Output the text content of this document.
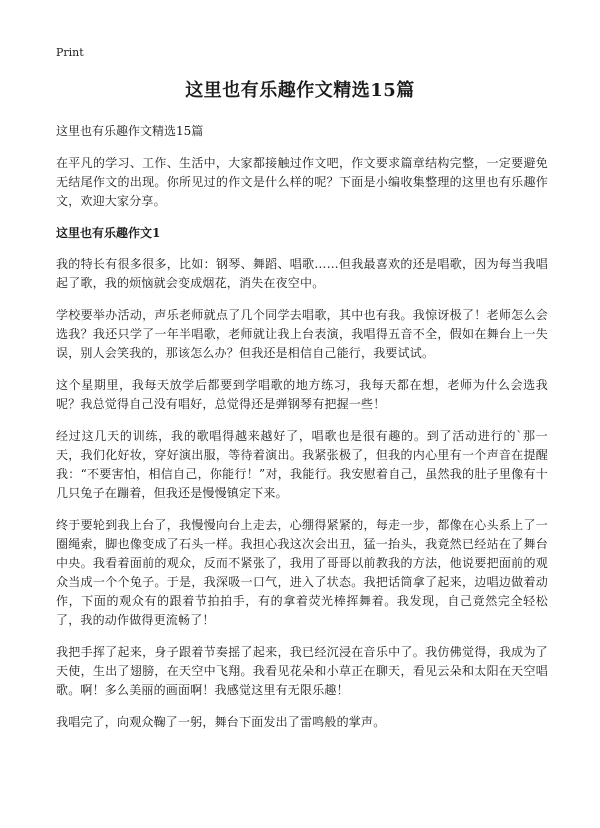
Print
这里也有乐趣作文精选15篇

这里也有乐趣作文精选15篇

在平凡的学习、工作、生活中，大家都接触过作文吧，作文要求篇章结构完整，一定要避免无结尾作文的出现。你所见过的作文是什么样的呢？下面是小编收集整理的这里也有乐趣作文，欢迎大家分享。

这里也有乐趣作文1

我的特长有很多很多，比如：钢琴、舞蹈、唱歌……但我最喜欢的还是唱歌，因为每当我唱起了歌，我的烦恼就会变成烟花，消失在夜空中。

学校要举办活动，声乐老师就点了几个同学去唱歌，其中也有我。我惊讶极了！老师怎么会选我？我还只学了一年半唱歌，老师就让我上台表演，我唱得五音不全，假如在舞台上一失误，别人会笑我的，那该怎么办？但我还是相信自己能行，我要试试。

这个星期里，我每天放学后都要到学唱歌的地方练习，我每天都在想，老师为什么会选我呢？我总觉得自己没有唱好，总觉得还是弹钢琴有把握一些！

经过这几天的训练，我的歌唱得越来越好了，唱歌也是很有趣的。到了活动进行的`那一天，我们化好妆，穿好演出服，等待着演出。我紧张极了，但我的内心里有一个声音在提醒我：“不要害怕，相信自己，你能行！”对，我能行。我安慰着自己，虽然我的肚子里像有十几只兔子在蹦着，但我还是慢慢镇定下来。

终于要轮到我上台了，我慢慢向台上走去，心绷得紧紧的，每走一步，都像在心头系上了一圈绳索，脚也像变成了石头一样。我担心我这次会出丑，猛一抬头，我竟然已经站在了舞台中央。我看着面前的观众，反而不紧张了，我用了哥哥以前教我的方法，他说要把面前的观众当成一个个兔子。于是，我深吸一口气，进入了状态。我把话筒拿了起来，边唱边做着动作，下面的观众有的跟着节拍拍手，有的拿着荧光棒挥舞着。我发现，自己竟然完全轻松了，我的动作做得更流畅了！

我把手挥了起来，身子跟着节奏摇了起来，我已经沉浸在音乐中了。我仿佛觉得，我成为了天使，生出了翅膀，在天空中飞翔。我看见花朵和小草正在聊天，看见云朵和太阳在天空唱歌。啊！多么美丽的画面啊！我感觉这里有无限乐趣！

我唱完了，向观众鞠了一躬，舞台下面发出了雷鸣般的掌声。
